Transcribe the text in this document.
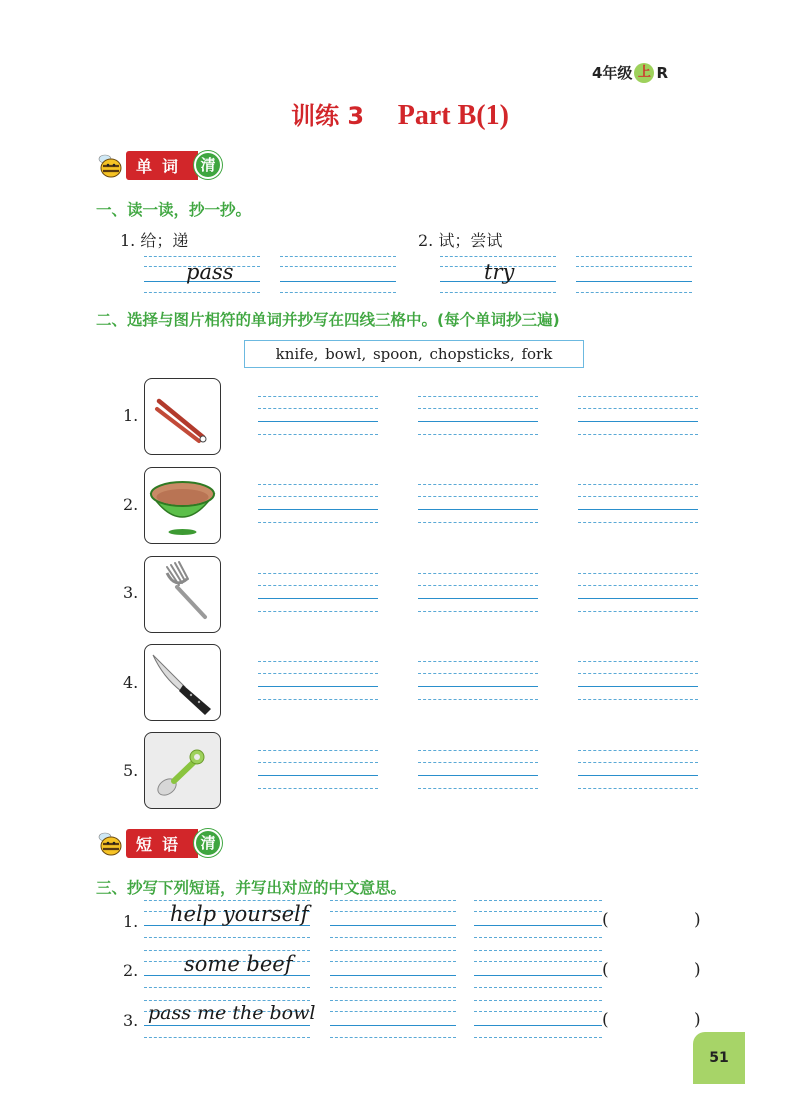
4年级 上 R
训练 3 Part B(1)
单词 清
一、读一读，抄一抄。
1. 给；递	2. 试；尝试
pass	try
二、选择与图片相符的单词并抄写在四线三格中。(每个单词抄三遍)
knife, bowl, spoon, chopsticks, fork
1.
2.
3.
4.
5.
短语 清
三、抄写下列短语，并写出对应的中文意思。
1. help yourself	(	)
2. some beef	(	)
3. pass me the bowl	(	)
51
